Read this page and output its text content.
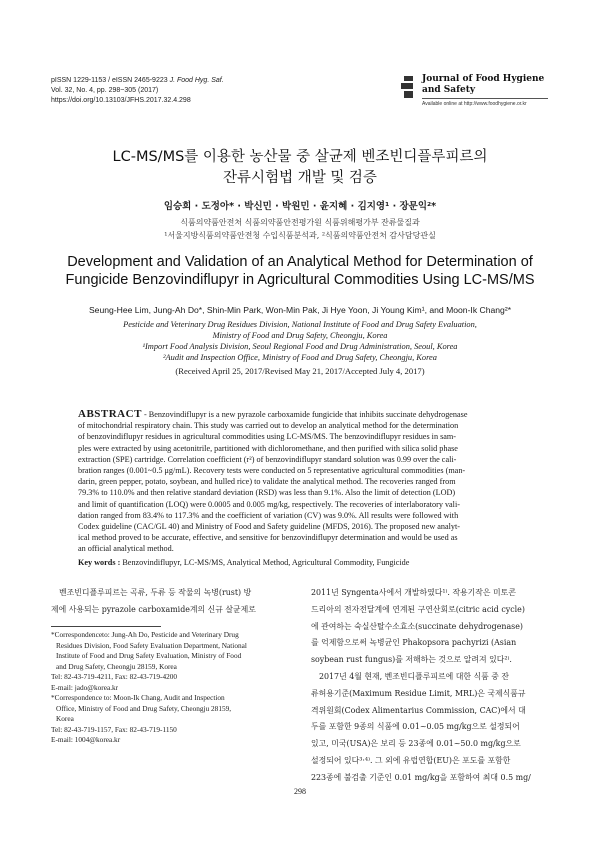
pISSN 1229-1153 / eISSN 2465-9223 J. Food Hyg. Saf.
Vol. 32, No. 4, pp. 298~305 (2017)
https://doi.org/10.13103/JFHS.2017.32.4.298
Journal of Food Hygiene
and Safety
Available online at http://www.foodhygiene.or.kr
LC-MS/MS를 이용한 농산물 중 살균제 벤조빈디플루피르의
잔류시험법 개발 및 검증
임승희 · 도정아* · 박신민 · 박원민 · 윤지혜 · 김지영¹ · 장문익²*
식품의약품안전처 식품의약품안전평가원 식품위해평가부 잔류물질과
¹서울지방식품의약품안전청 수입식품분석과, ²식품의약품안전처 감사담당관실
Development and Validation of an Analytical Method for Determination of
Fungicide Benzovindiflupyr in Agricultural Commodities Using LC-MS/MS
Seung-Hee Lim, Jung-Ah Do*, Shin-Min Park, Won-Min Pak, Ji Hye Yoon, Ji Young Kim¹, and Moon-Ik Chang²*
Pesticide and Veterinary Drug Residues Division, National Institute of Food and Drug Safety Evaluation,
Ministry of Food and Drug Safety, Cheongju, Korea
¹Import Food Analysis Division, Seoul Regional Food and Drug Administration, Seoul, Korea
²Audit and Inspection Office, Ministry of Food and Drug Safety, Cheongju, Korea
(Received April 25, 2017/Revised May 21, 2017/Accepted July 4, 2017)
ABSTRACT - Benzovindiflupyr is a new pyrazole carboxamide fungicide that inhibits succinate dehydrogenase
of mitochondrial respiratory chain. This study was carried out to develop an analytical method for the determination
of benzovindiflupyr residues in agricultural commodities using LC-MS/MS. The benzovindiflupyr residues in sam-
ples were extracted by using acetonitrile, partitioned with dichloromethane, and then purified with silica solid phase
extraction (SPE) cartridge. Correlation coefficient (r²) of benzovindiflupyr standard solution was 0.99 over the cali-
bration ranges (0.001~0.5 μg/mL). Recovery tests were conducted on 5 representative agricultural commodities (man-
darin, green pepper, potato, soybean, and hulled rice) to validate the analytical method. The recoveries ranged from
79.3% to 110.0% and then relative standard deviation (RSD) was less than 9.1%. Also the limit of detection (LOD)
and limit of quantification (LOQ) were 0.0005 and 0.005 mg/kg, respectively. The recoveries of interlaboratory vali-
dation ranged from 83.4% to 117.3% and the coefficient of variation (CV) was 9.0%. All results were followed with
Codex guideline (CAC/GL 40) and Ministry of Food and Safety guideline (MFDS, 2016). The proposed new analyt-
ical method proved to be accurate, effective, and sensitive for benzovindiflupyr determination and would be used as
an official analytical method.
Key words : Benzovindiflupyr, LC-MS/MS, Analytical Method, Agricultural Commodity, Fungicide
벤조빈디플루피르는 곡류, 두류 등 작물의 녹병(rust) 방
제에 사용되는 pyrazole carboxamide계의 신규 살균제로
*Correspondenceto: Jung-Ah Do, Pesticide and Veterinary Drug
Residues Division, Food Safety Evaluation Department, National
Institute of Food and Drug Safety Evaluation, Ministry of Food
and Drug Safety, Cheongju 28159, Korea
Tel: 82-43-719-4211, Fax: 82-43-719-4200
E-mail: jado@korea.kr
*Correspondence to: Moon-Ik Chang, Audit and Inspection
Office, Ministry of Food and Drug Safety, Cheongju 28159,
Korea
Tel: 82-43-719-1157, Fax: 82-43-719-1150
E-mail: 1004@korea.kr
2011년 Syngenta사에서 개발하였다¹⁾. 작용기작은 미토콘
드리아의 전자전달계에 연계된 구연산회로(citric acid cycle)
에 관여하는 숙실산탈수소효소(succinate dehydrogenase)
를 억제함으로써 녹병균인 Phakopsora pachyrizi (Asian
soybean rust fungus)를 저해하는 것으로 알려져 있다²⁾.
2017년 4월 현재, 벤조빈디플루피르에 대한 식품 중 잔
류허용기준(Maximum Residue Limit, MRL)은 국제식품규
격위원회(Codex Alimentarius Commission, CAC)에서 대
두를 포함한 9종의 식품에 0.01~0.05 mg/kg으로 설정되어
있고, 미국(USA)은 보리 등 23종에 0.01~50.0 mg/kg으로
설정되어 있다³·⁴⁾. 그 외에 유럽연합(EU)은 포도를 포함한
223종에 불검출 기준인 0.01 mg/kg을 포함하여 최대 0.5 mg/
298
